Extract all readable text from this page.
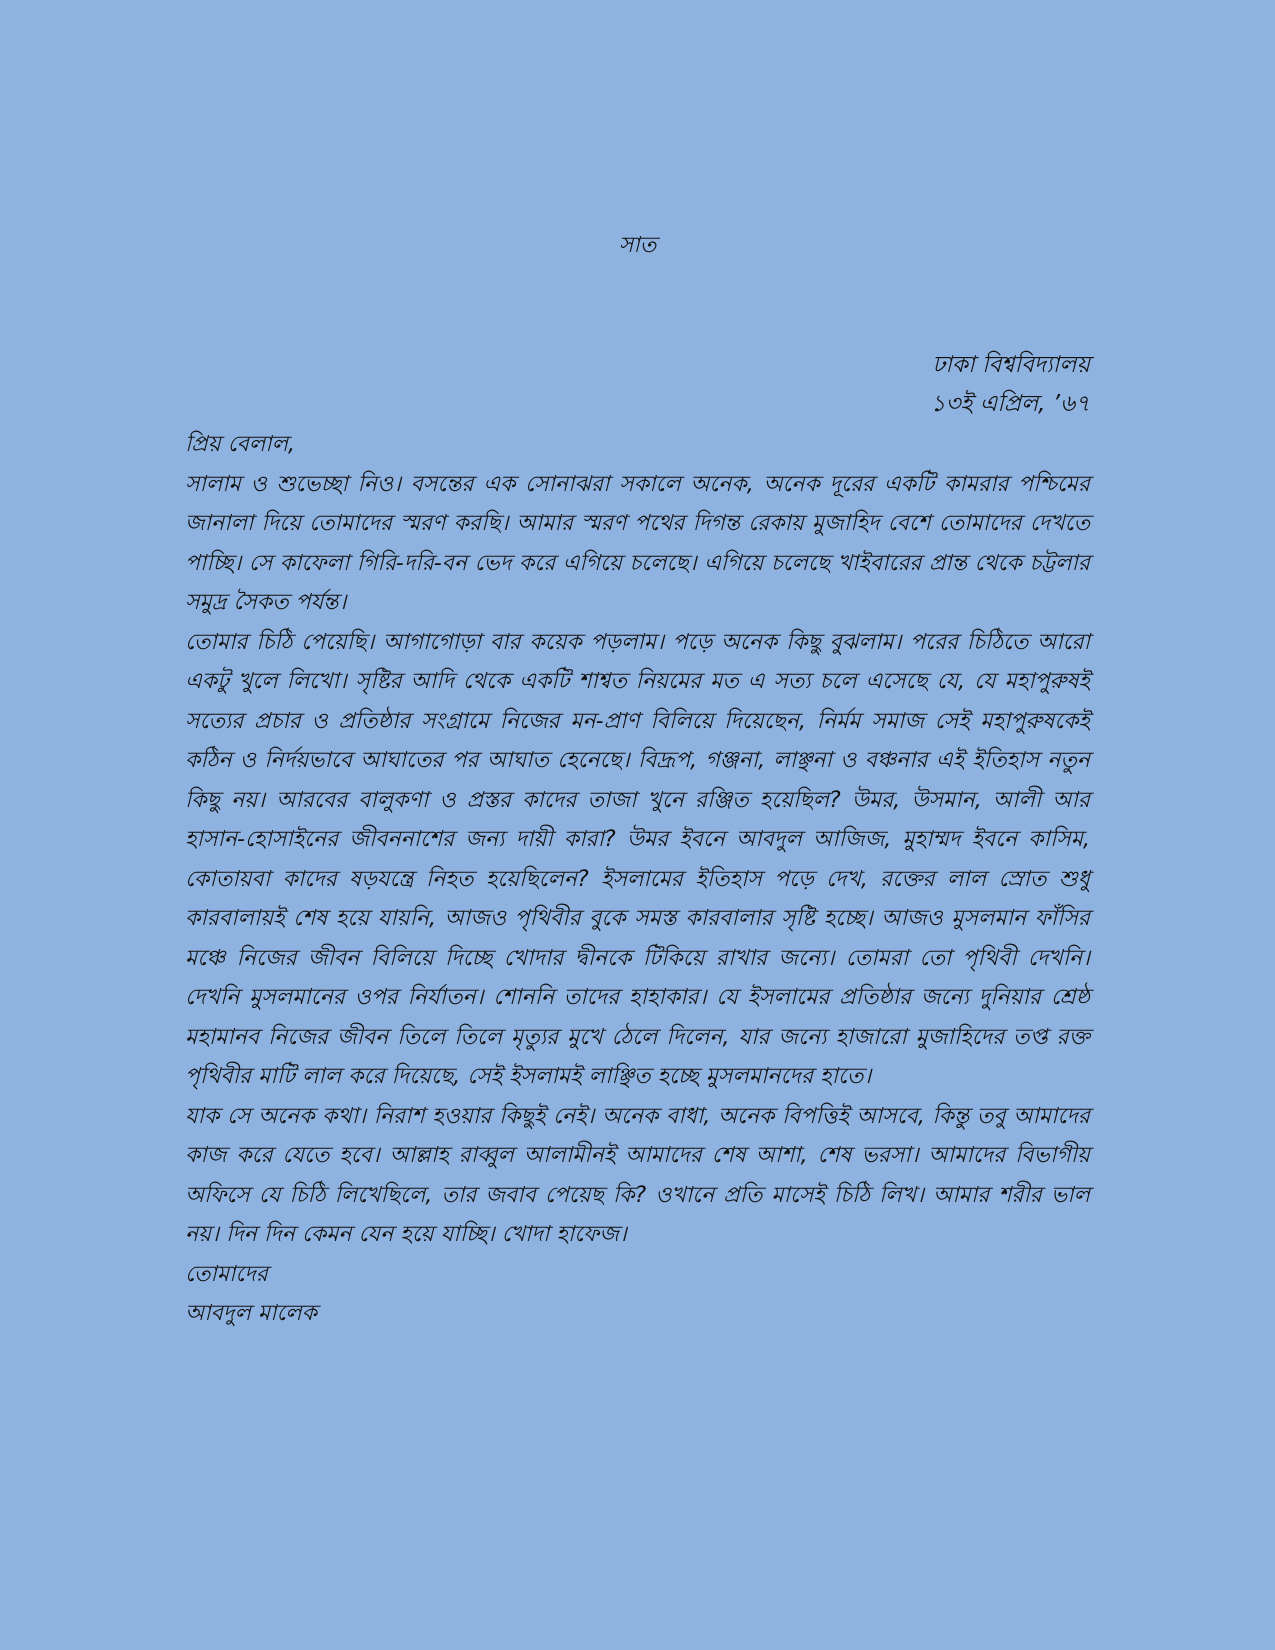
সাত
ঢাকা বিশ্ববিদ্যালয়
১৩ই এপ্রিল, ’৬৭

প্রিয় বেলাল,

সালাম ও শুভেচ্ছা নিও। বসন্তের এক সোনাঝরা সকালে অনেক, অনেক দূরের একটি কামরার পশ্চিমের জানালা দিয়ে তোমাদের স্মরণ করছি। আমার স্মরণ পথের দিগন্ত রেকায় মুজাহিদ বেশে তোমাদের দেখতে পাচ্ছি। সে কাফেলা গিরি-দরি-বন ভেদ করে এগিয়ে চলেছে। এগিয়ে চলেছে খাইবারের প্রান্ত থেকে চট্টলার সমুদ্র সৈকত পর্যন্ত।

তোমার চিঠি পেয়েছি। আগাগোড়া বার কয়েক পড়লাম। পড়ে অনেক কিছু বুঝলাম। পরের চিঠিতে আরো একটু খুলে লিখো। সৃষ্টির আদি থেকে একটি শাশ্বত নিয়মের মত এ সত্য চলে এসেছে যে, যে মহাপুরুষই সত্যের প্রচার ও প্রতিষ্ঠার সংগ্রামে নিজের মন-প্রাণ বিলিয়ে দিয়েছেন, নির্মম সমাজ সেই মহাপুরুষকেই কঠিন ও নির্দয়ভাবে আঘাতের পর আঘাত হেনেছে। বিদ্রূপ, গঞ্জনা, লাঞ্ছনা ও বঞ্চনার এই ইতিহাস নতুন কিছু নয়। আরবের বালুকণা ও প্রস্তর কাদের তাজা খুনে রঞ্জিত হয়েছিল? উমর, উসমান, আলী আর হাসান-হোসাইনের জীবননাশের জন্য দায়ী কারা? উমর ইবনে আবদুল আজিজ, মুহাম্মদ ইবনে কাসিম, কোতায়বা কাদের ষড়যন্ত্রে নিহত হয়েছিলেন? ইসলামের ইতিহাস পড়ে দেখ, রক্তের লাল স্রোত শুধু কারবালায়ই শেষ হয়ে যায়নি, আজও পৃথিবীর বুকে সমস্ত কারবালার সৃষ্টি হচ্ছে। আজও মুসলমান ফাঁসির মঞ্চে নিজের জীবন বিলিয়ে দিচ্ছে খোদার দ্বীনকে টিকিয়ে রাখার জন্যে। তোমরা তো পৃথিবী দেখনি। দেখনি মুসলমানের ওপর নির্যাতন। শোননি তাদের হাহাকার। যে ইসলামের প্রতিষ্ঠার জন্যে দুনিয়ার শ্রেষ্ঠ মহামানব নিজের জীবন তিলে তিলে মৃত্যুর মুখে ঠেলে দিলেন, যার জন্যে হাজারো মুজাহিদের তপ্ত রক্ত পৃথিবীর মাটি লাল করে দিয়েছে, সেই ইসলামই লাঞ্ছিত হচ্ছে মুসলমানদের হাতে।

যাক সে অনেক কথা। নিরাশ হওয়ার কিছুই নেই। অনেক বাধা, অনেক বিপত্তিই আসবে, কিন্তু তবু আমাদের কাজ করে যেতে হবে। আল্লাহ রাব্বুল আলামীনই আমাদের শেষ আশা, শেষ ভরসা। আমাদের বিভাগীয় অফিসে যে চিঠি লিখেছিলে, তার জবাব পেয়েছ কি? ওখানে প্রতি মাসেই চিঠি লিখ। আমার শরীর ভাল নয়। দিন দিন কেমন যেন হয়ে যাচ্ছি। খোদা হাফেজ।

তোমাদের

আবদুল মালেক
